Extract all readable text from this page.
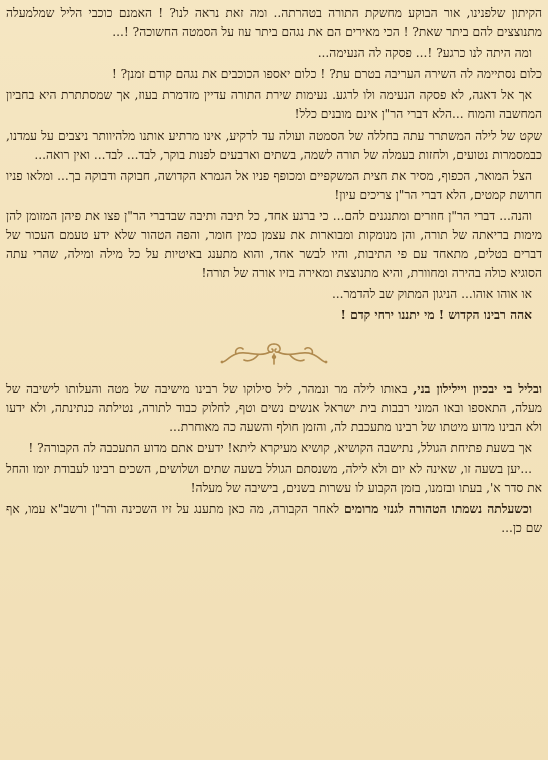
הקיתון שלפנינו, אור הבוקע מחשקת התורה בטהרתה.. ומה זאת נראה לנו? ! האמנם כוכבי הליל שמלמעלה מתנוצצים להם ביתר שאת? ! הכי מאירים הם את נגהם ביתר עוז על הסמטה החשוכה? !...

ומה היתה לנו כרגע? !... פסקה לה הנעימה...

כלום נסתיימה לה השירה העריבה בטרם עת? ! כלום יאספו הכוכבים את נגהם קודם זמנן? !

אך אל דאגה, לא פסקה הנעימה ולו לרגע. נעימות שירת התורה עדיין מזדמרת בעוז, אך שמסתתרת היא בחביון המחשבה והמוח ...הלא דברי הר"ן אינם מובנים כלל!

שקט של לילה המשתרר עתה בחללה של הסמטה ועולה עד לרקיע, אינו מרתיע אותנו מלהיוותר ניצבים על עמדנו, כבמסמרות נטועים, ולחזות בעמלה של תורה לשמה, בשתים וארבעים לפנות בוקר, לבד... לבד... ואין רואה...

הצל המואר, הכפוף, מסיר את חצית המשקפיים ומכופף פניו אל הגמרא הקדושה, חבוקה ודבוקה בך... ומלאו פניו חרושת קמטים, הלא דברי הר"ן צריכים עיון!

והנה... דברי הר"ן חוזרים ומתנגנים להם... כי ברגע אחד, כל תיבה ותיבה שבדברי הר"ן פצו את פיהן המזומן להן מימות בריאתה של תורה, והן מנומקות ומבוארות את עצמן כמין חומר, והפה הטהור שלא ידע טעמם העכור של דברים בטלים, מתאחד עם פי התיבות, והיו לבשר אחד, והוא מתענג באיטיות על כל מילה ומילה, שהרי עתה הסוגיא כולה בהירה ומחוורת, והיא מתנוצצת ומאירה בזיו אורה של תורה!

או אוהו אוהו... הניגון המתוק שב להדמר...

אהה רבינו הקדוש ! מי יתננו ירחי קדם !

ובליל בי יבכיון ויילילון בני, באותו לילה מר ונמהר, ליל סילוקו של רבינו מישיבה של מטה והעלותו לישיבה של מעלה, התאספו ובאו המוני רבבות בית ישראל אנשים נשים וטף, לחלוק כבוד לתורה, נטילתה כנתינתה, ולא ידעו ולא הבינו מדוע מיטתו של רבינו מתעכבת לה, והזמן חולף והשעה כה מאוחרת...

אך בשעת פתיחת הגולל, נתישבה הקושיא, קושיא מעיקרא ליתא! ידעים אתם מדוע התעכבה לה הקבורה? !

...יען בשעה זו, שאינה לא יום ולא לילה, משנסתם הגולל בשעה שתים ושלושים, השכים רבינו לעבודת יומו והחל את סדר א', בעתו ובזמנו, בזמן הקבוע לו עשרות בשנים, בישיבה של מעלה!

וכשעלתה נשמתו הטהורה לגנזי מרומים לאחר הקבורה, מה כאן מתענג על זיו השכינה והר"ן ורשב"א עמו, אף שם כן...
